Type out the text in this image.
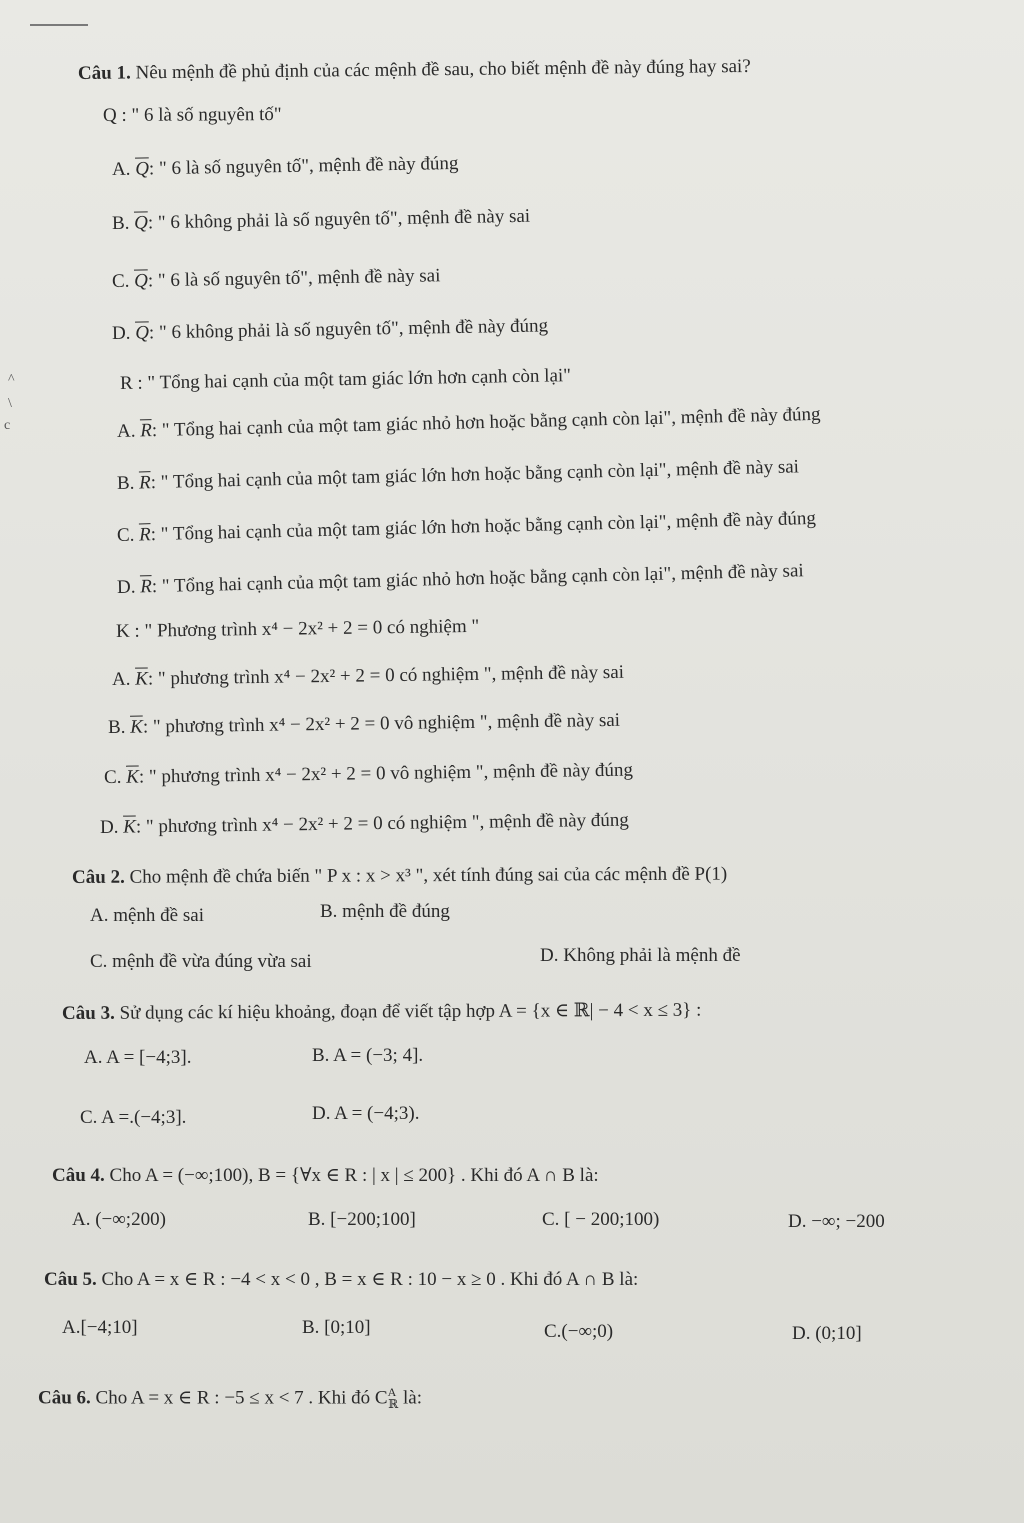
^
\
c
Câu 1. Nêu mệnh đề phủ định của các mệnh đề sau, cho biết mệnh đề này đúng hay sai?
Q : " 6 là số nguyên tố"
A. $\overline{Q}$: " 6 là số nguyên tố", mệnh đề này đúng
B. $\overline{Q}$: " 6 không phải là số nguyên tố", mệnh đề này sai
C. $\overline{Q}$: " 6 là số nguyên tố", mệnh đề này sai
D. $\overline{Q}$: " 6 không phải là số nguyên tố", mệnh đề này đúng
R : " Tổng hai cạnh của một tam giác lớn hơn cạnh còn lại"
A. $\overline{R}$: " Tổng hai cạnh của một tam giác nhỏ hơn hoặc bằng cạnh còn lại", mệnh đề này đúng
B. $\overline{R}$: " Tổng hai cạnh của một tam giác lớn hơn hoặc bằng cạnh còn lại", mệnh đề này sai
C. $\overline{R}$: " Tổng hai cạnh của một tam giác lớn hơn hoặc bằng cạnh còn lại", mệnh đề này đúng
D. $\overline{R}$: " Tổng hai cạnh của một tam giác nhỏ hơn hoặc bằng cạnh còn lại", mệnh đề này sai
K : " Phương trình x⁴ − 2x² + 2 = 0 có nghiệm "
A. $\overline{K}$: " phương trình x⁴ − 2x² + 2 = 0 có nghiệm ", mệnh đề này sai
B. $\overline{K}$: " phương trình x⁴ − 2x² + 2 = 0 vô nghiệm ", mệnh đề này sai
C. $\overline{K}$: " phương trình x⁴ − 2x² + 2 = 0 vô nghiệm ", mệnh đề này đúng
D. $\overline{K}$: " phương trình x⁴ − 2x² + 2 = 0 có nghiệm ", mệnh đề này đúng
Câu 2. Cho mệnh đề chứa biến " P x : x > x³ ", xét tính đúng sai của các mệnh đề P(1)
A. mệnh đề sai	B. mệnh đề đúng
C. mệnh đề vừa đúng vừa sai	D. Không phải là mệnh đề
Câu 3. Sử dụng các kí hiệu khoảng, đoạn để viết tập hợp A = {x ∈ ℝ| − 4 < x ≤ 3} :
A. A = [−4;3].	B. A = (−3; 4].
C. A =.(−4;3].	D. A = (−4;3).
Câu 4. Cho A = (−∞;100), B = {∀x ∈ R : | x | ≤ 200} . Khi đó A ∩ B là:
A. (−∞;200)	B. [−200;100]	C. [ − 200;100)	D. −∞; −200
Câu 5. Cho A = x ∈ R : −4 < x < 0 , B = x ∈ R : 10 − x ≥ 0 . Khi đó A ∩ B là:
A.[−4;10]	B. [0;10]	C.(−∞;0)	D. (0;10]
Câu 6. Cho A = x ∈ R : −5 ≤ x < 7 . Khi đó $C^A_ℝ$ là:
